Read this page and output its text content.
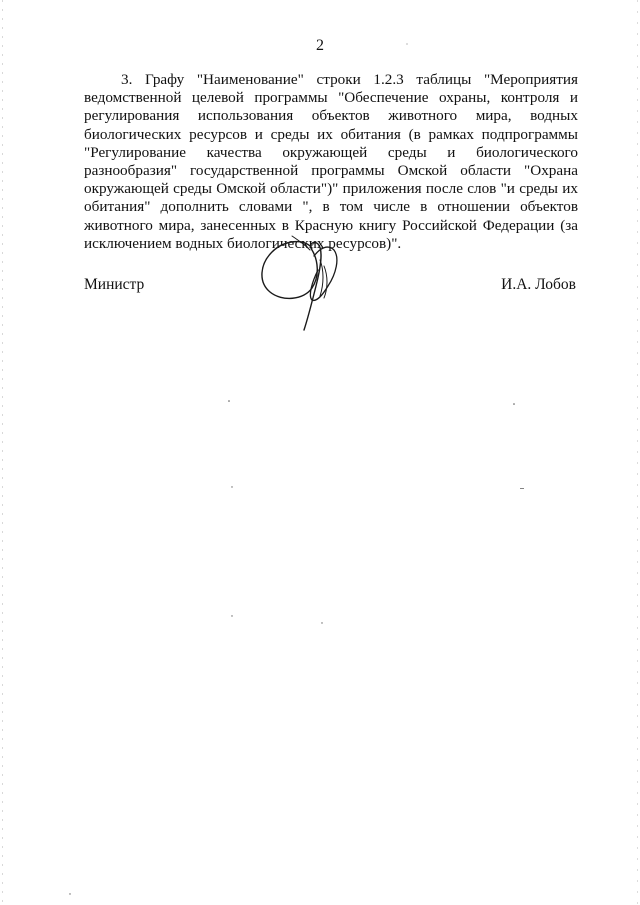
2
3. Графу "Наименование" строки 1.2.3 таблицы "Мероприятия
ведомственной целевой программы "Обеспечение охраны, контроля и
регулирования использования объектов животного мира, водных
биологических ресурсов и среды их обитания (в рамках подпрограммы
"Регулирование качества окружающей среды и биологического
разнообразия" государственной программы Омской области "Охрана
окружающей среды Омской области")" приложения после слов "и среды их
обитания" дополнить словами ", в том числе в отношении объектов
животного мира, занесенных в Красную книгу Российской Федерации (за
исключением водных биологических ресурсов)".
Министр	И.А. Лобов
